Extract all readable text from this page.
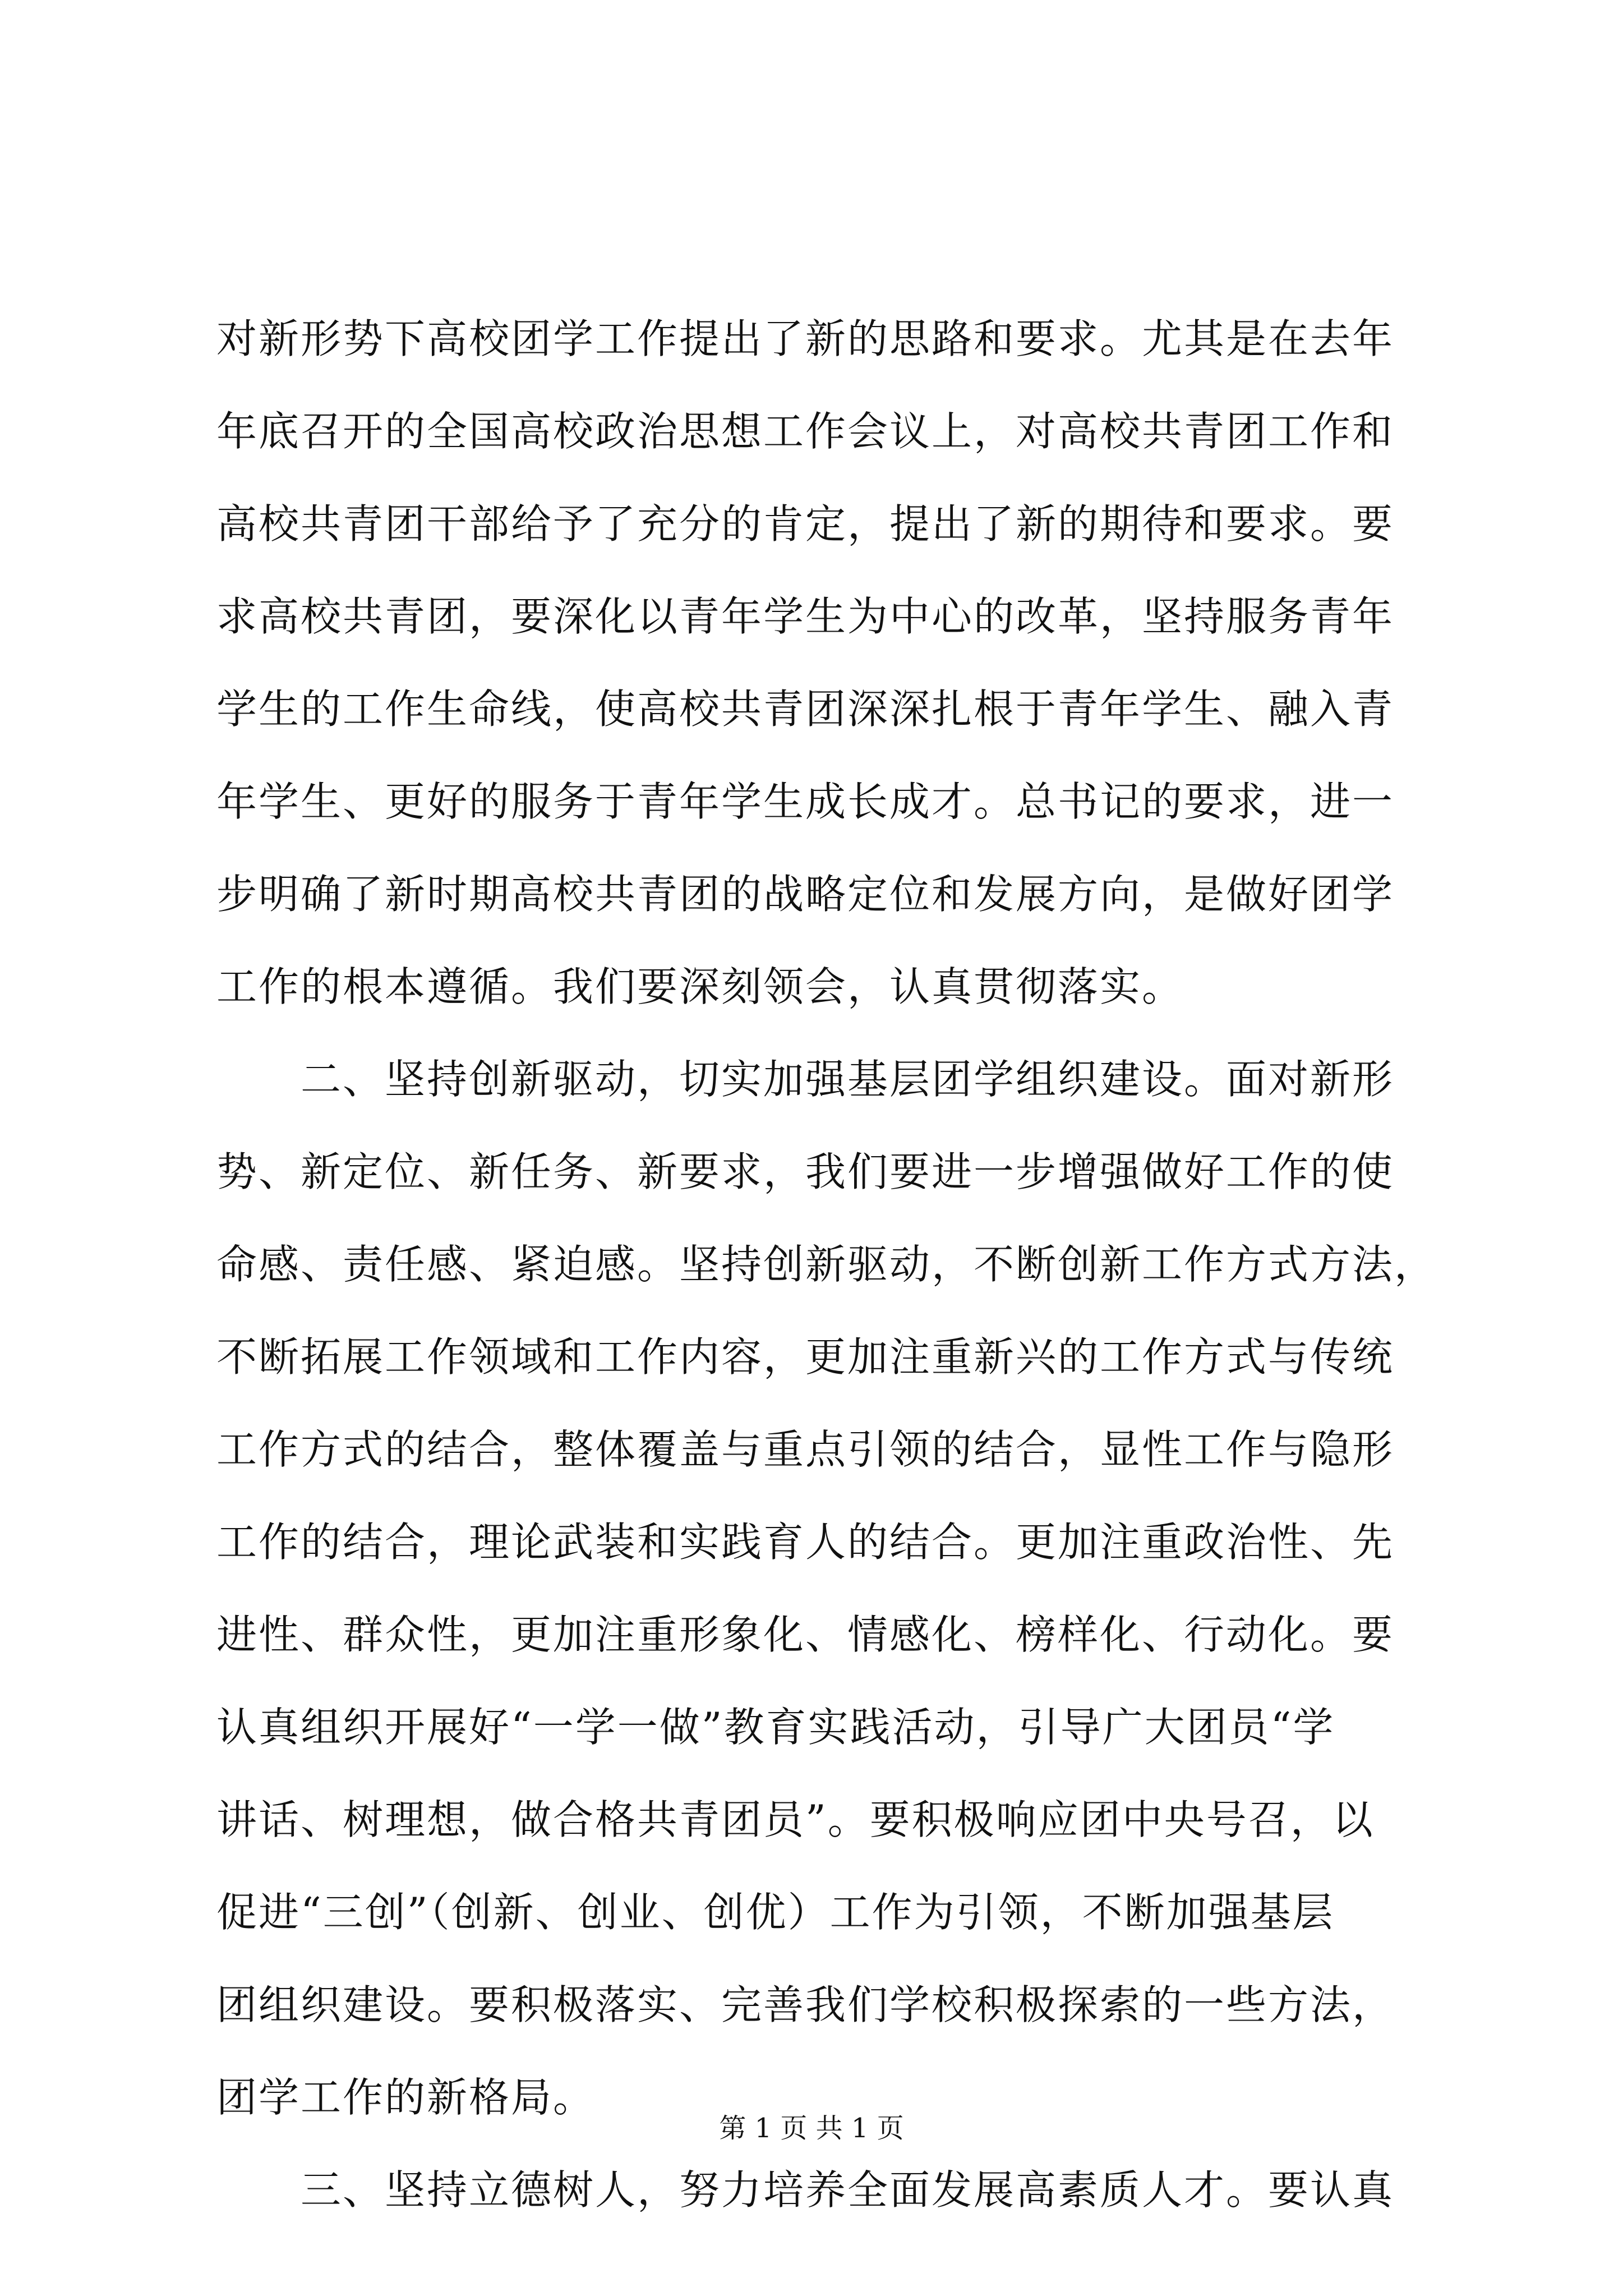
对新形势下高校团学工作提出了新的思路和要求。尤其是在去年
年底召开的全国高校政治思想工作会议上，对高校共青团工作和
高校共青团干部给予了充分的肯定，提出了新的期待和要求。要
求高校共青团，要深化以青年学生为中心的改革，坚持服务青年
学生的工作生命线，使高校共青团深深扎根于青年学生、融入青
年学生、更好的服务于青年学生成长成才。总书记的要求，进一
步明确了新时期高校共青团的战略定位和发展方向，是做好团学
工作的根本遵循。我们要深刻领会，认真贯彻落实。
　　二、坚持创新驱动，切实加强基层团学组织建设。面对新形
势、新定位、新任务、新要求，我们要进一步增强做好工作的使
命感、责任感、紧迫感。坚持创新驱动，不断创新工作方式方法，
不断拓展工作领域和工作内容，更加注重新兴的工作方式与传统
工作方式的结合，整体覆盖与重点引领的结合，显性工作与隐形
工作的结合，理论武装和实践育人的结合。更加注重政治性、先
进性、群众性，更加注重形象化、情感化、榜样化、行动化。要
认真组织开展好“一学一做”教育实践活动，引导广大团员“学
讲话、树理想，做合格共青团员”。要积极响应团中央号召，以
促进“三创”（创新、创业、创优）工作为引领，不断加强基层
团组织建设。要积极落实、完善我们学校积极探索的一些方法，
团学工作的新格局。
　　三、坚持立德树人，努力培养全面发展高素质人才。要认真
第 1 页 共 1 页
